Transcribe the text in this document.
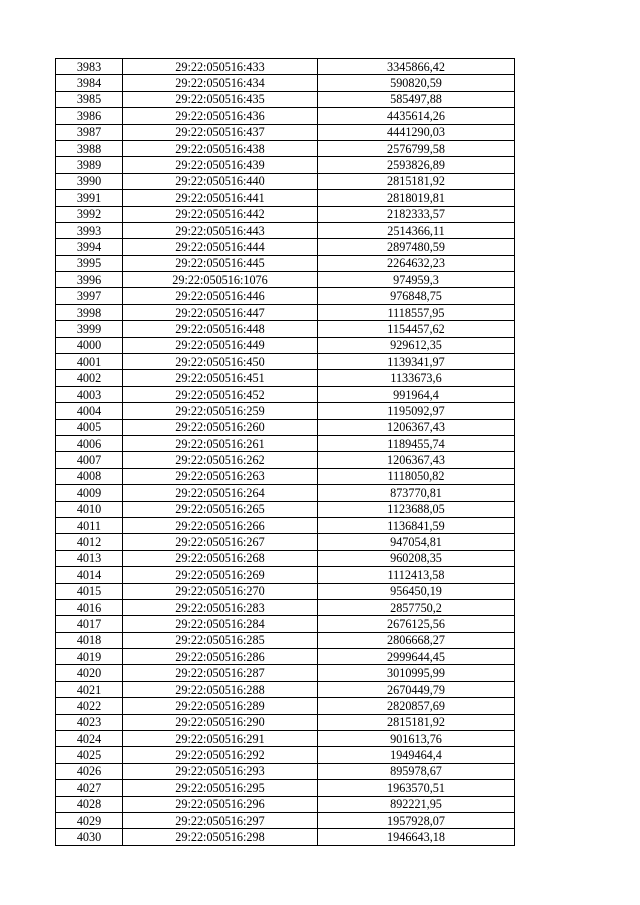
3983	29:22:050516:433	3345866,42
3984	29:22:050516:434	590820,59
3985	29:22:050516:435	585497,88
3986	29:22:050516:436	4435614,26
3987	29:22:050516:437	4441290,03
3988	29:22:050516:438	2576799,58
3989	29:22:050516:439	2593826,89
3990	29:22:050516:440	2815181,92
3991	29:22:050516:441	2818019,81
3992	29:22:050516:442	2182333,57
3993	29:22:050516:443	2514366,11
3994	29:22:050516:444	2897480,59
3995	29:22:050516:445	2264632,23
3996	29:22:050516:1076	974959,3
3997	29:22:050516:446	976848,75
3998	29:22:050516:447	1118557,95
3999	29:22:050516:448	1154457,62
4000	29:22:050516:449	929612,35
4001	29:22:050516:450	1139341,97
4002	29:22:050516:451	1133673,6
4003	29:22:050516:452	991964,4
4004	29:22:050516:259	1195092,97
4005	29:22:050516:260	1206367,43
4006	29:22:050516:261	1189455,74
4007	29:22:050516:262	1206367,43
4008	29:22:050516:263	1118050,82
4009	29:22:050516:264	873770,81
4010	29:22:050516:265	1123688,05
4011	29:22:050516:266	1136841,59
4012	29:22:050516:267	947054,81
4013	29:22:050516:268	960208,35
4014	29:22:050516:269	1112413,58
4015	29:22:050516:270	956450,19
4016	29:22:050516:283	2857750,2
4017	29:22:050516:284	2676125,56
4018	29:22:050516:285	2806668,27
4019	29:22:050516:286	2999644,45
4020	29:22:050516:287	3010995,99
4021	29:22:050516:288	2670449,79
4022	29:22:050516:289	2820857,69
4023	29:22:050516:290	2815181,92
4024	29:22:050516:291	901613,76
4025	29:22:050516:292	1949464,4
4026	29:22:050516:293	895978,67
4027	29:22:050516:295	1963570,51
4028	29:22:050516:296	892221,95
4029	29:22:050516:297	1957928,07
4030	29:22:050516:298	1946643,18
